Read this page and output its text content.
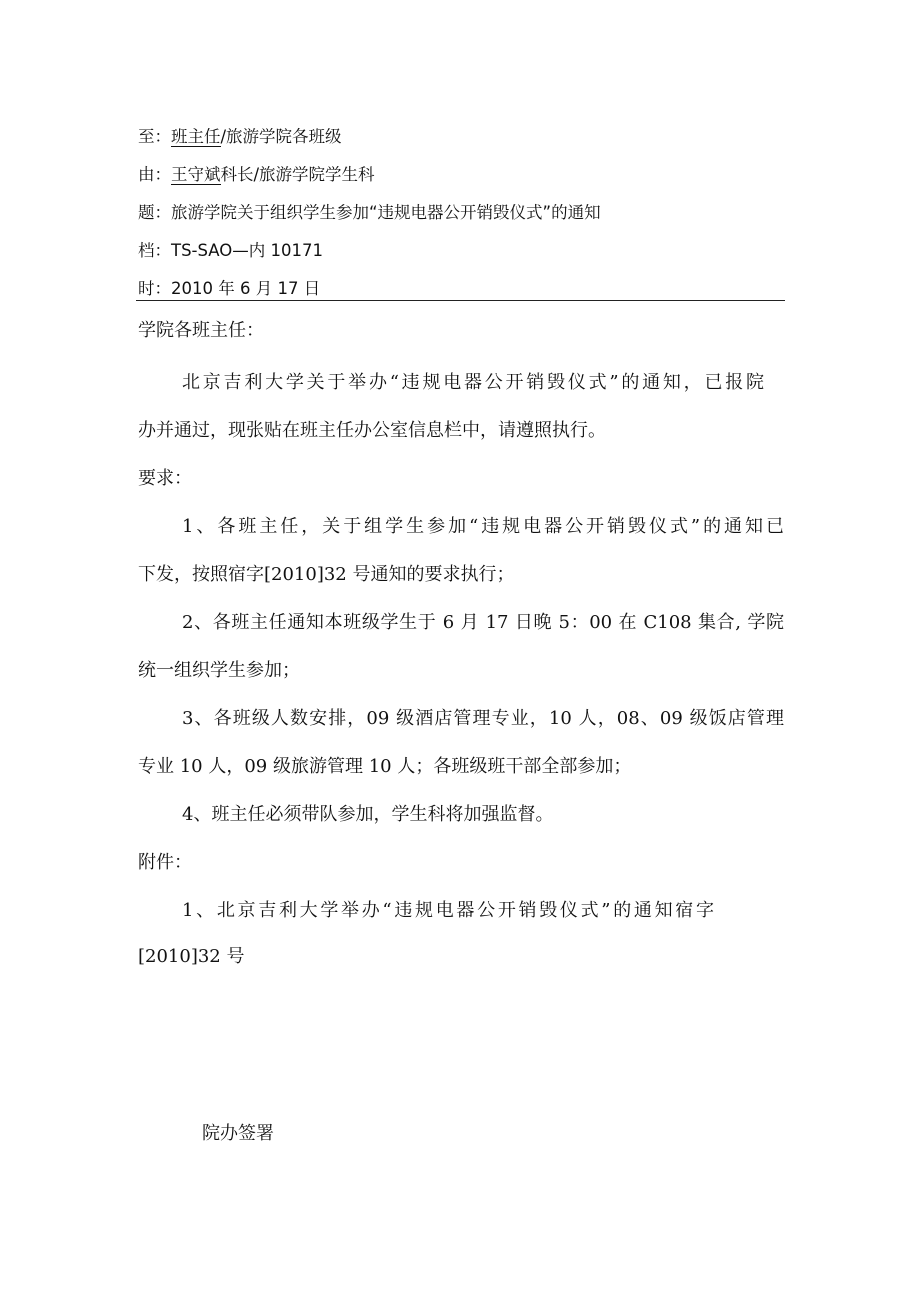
至：班主任/旅游学院各班级
由：王守斌科长/旅游学院学生科
题：旅游学院关于组织学生参加“违规电器公开销毁仪式”的通知
档：TS-SAO—内 10171
时：2010 年 6 月 17 日
学院各班主任：
北京吉利大学关于举办“违规电器公开销毁仪式”的通知，已报院
办并通过，现张贴在班主任办公室信息栏中，请遵照执行。
要求：
1、各班主任，关于组学生参加“违规电器公开销毁仪式”的通知已
下发，按照宿字[2010]32 号通知的要求执行；
2、各班主任通知本班级学生于 6 月 17 日晚 5：00 在 C108 集合, 学院
统一组织学生参加；
3、各班级人数安排，09 级酒店管理专业，10 人，08、09 级饭店管理
专业 10 人，09 级旅游管理 10 人；各班级班干部全部参加；
4、班主任必须带队参加，学生科将加强监督。
附件：
1、北京吉利大学举办“违规电器公开销毁仪式”的通知宿字
[2010]32 号
院办签署
